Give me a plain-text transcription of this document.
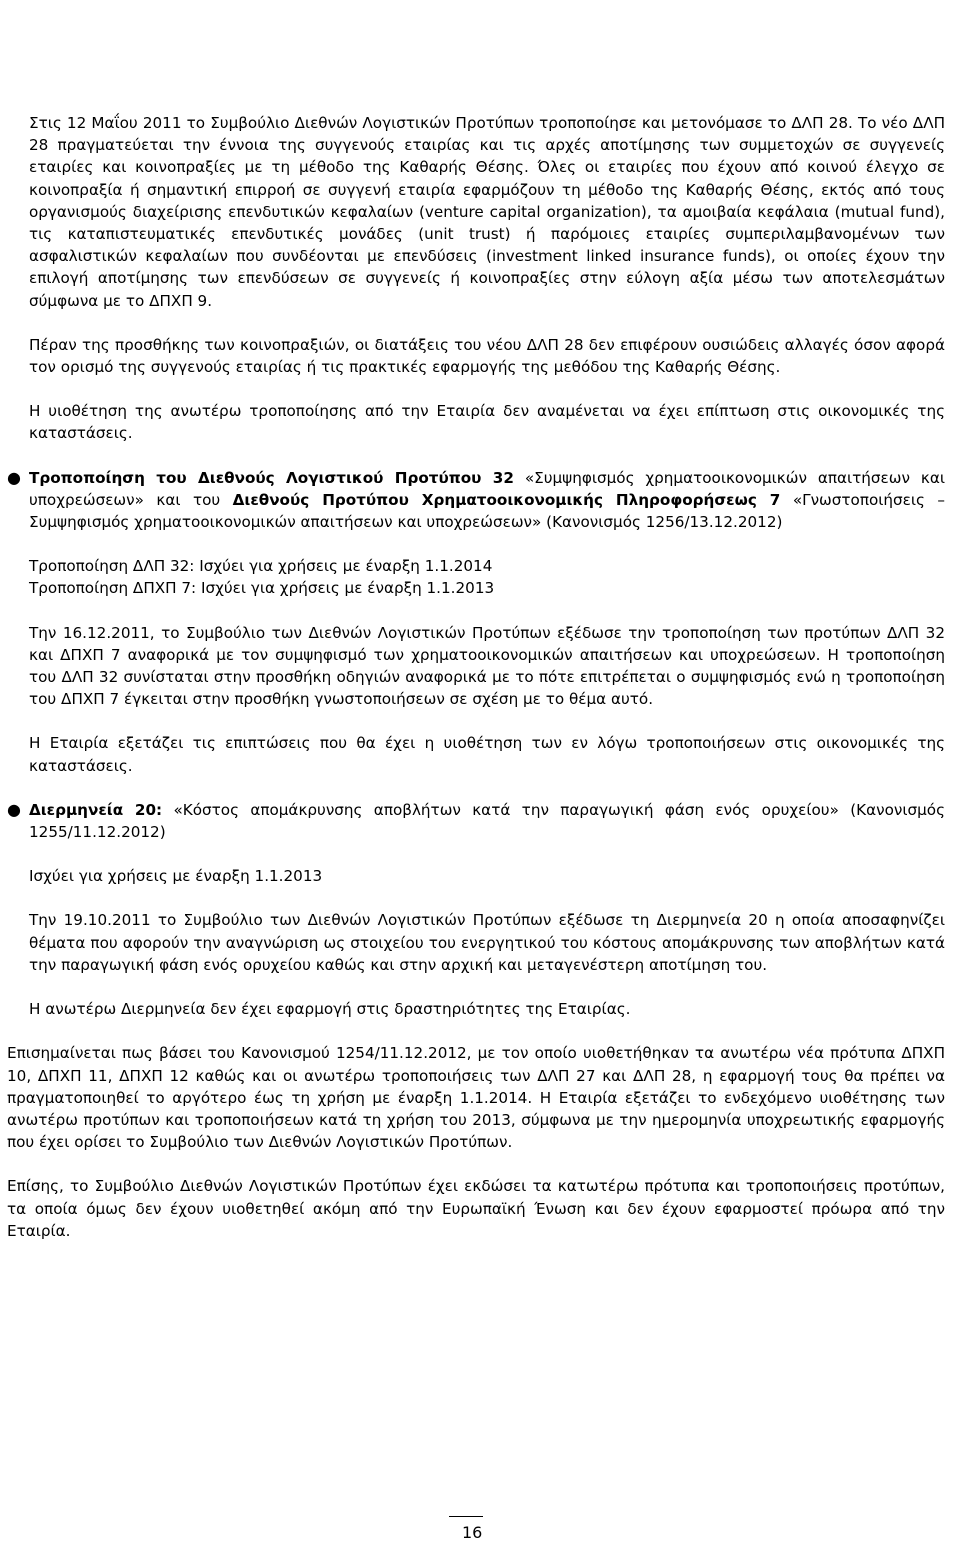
ALPHA LEASING A.E.
ΟΙΚΟΝΟΜΙΚΕΣ ΚΑΤΑΣΤΑΣΕΙΣ
ΤΗΣ $31^{\eta\varsigma}$ ΔΕΚΕΜΒΡΙΟΥ 2012

Στις 12 Μαΐου 2011 το Συμβούλιο Διεθνών Λογιστικών Προτύπων τροποποίησε και μετονόμασε το ΔΛΠ 28. Το νέο ΔΛΠ 28 πραγματεύεται την έννοια της συγγενούς εταιρίας και τις αρχές αποτίμησης των συμμετοχών σε συγγενείς εταιρίες και κοινοπραξίες με τη μέθοδο της Καθαρής Θέσης. Όλες οι εταιρίες που έχουν από κοινού έλεγχο σε κοινοπραξία ή σημαντική επιρροή σε συγγενή εταιρία εφαρμόζουν τη μέθοδο της Καθαρής Θέσης, εκτός από τους οργανισμούς διαχείρισης επενδυτικών κεφαλαίων (venture capital organization), τα αμοιβαία κεφάλαια (mutual fund), τις καταπιστευματικές επενδυτικές μονάδες (unit trust) ή παρόμοιες εταιρίες συμπεριλαμβανομένων των ασφαλιστικών κεφαλαίων που συνδέονται με επενδύσεις (investment linked insurance funds), οι οποίες έχουν την επιλογή αποτίμησης των επενδύσεων σε συγγενείς ή κοινοπραξίες στην εύλογη αξία μέσω των αποτελεσμάτων σύμφωνα με το ΔΠΧΠ 9.

Πέραν της προσθήκης των κοινοπραξιών, οι διατάξεις του νέου ΔΛΠ 28 δεν επιφέρουν ουσιώδεις αλλαγές όσον αφορά τον ορισμό της συγγενούς εταιρίας ή τις πρακτικές εφαρμογής της μεθόδου της Καθαρής Θέσης.

Η υιοθέτηση της ανωτέρω τροποποίησης από την Εταιρία δεν αναμένεται να έχει επίπτωση στις οικονομικές της καταστάσεις.

● Τροποποίηση του Διεθνούς Λογιστικού Προτύπου 32 «Συμψηφισμός χρηματοοικονομικών απαιτήσεων και υποχρεώσεων» και του Διεθνούς Προτύπου Χρηματοοικονομικής Πληροφορήσεως 7 «Γνωστοποιήσεις – Συμψηφισμός χρηματοοικονομικών απαιτήσεων και υποχρεώσεων» (Κανονισμός 1256/13.12.2012)

Τροποποίηση ΔΛΠ 32: Ισχύει για χρήσεις με έναρξη 1.1.2014

Τροποποίηση ΔΠΧΠ 7: Ισχύει για χρήσεις με έναρξη 1.1.2013

Την 16.12.2011, το Συμβούλιο των Διεθνών Λογιστικών Προτύπων εξέδωσε την τροποποίηση των προτύπων ΔΛΠ 32 και ΔΠΧΠ 7 αναφορικά με τον συμψηφισμό των χρηματοοικονομικών απαιτήσεων και υποχρεώσεων. Η τροποποίηση του ΔΛΠ 32 συνίσταται στην προσθήκη οδηγιών αναφορικά με το πότε επιτρέπεται ο συμψηφισμός ενώ η τροποποίηση του ΔΠΧΠ 7 έγκειται στην προσθήκη γνωστοποιήσεων σε σχέση με το θέμα αυτό.

Η Εταιρία εξετάζει τις επιπτώσεις που θα έχει η υιοθέτηση των εν λόγω τροποποιήσεων στις οικονομικές της καταστάσεις.

● Διερμηνεία 20: «Κόστος απομάκρυνσης αποβλήτων κατά την παραγωγική φάση ενός ορυχείου» (Κανονισμός 1255/11.12.2012)

Ισχύει για χρήσεις με έναρξη 1.1.2013

Την 19.10.2011 το Συμβούλιο των Διεθνών Λογιστικών Προτύπων εξέδωσε τη Διερμηνεία 20 η οποία αποσαφηνίζει θέματα που αφορούν την αναγνώριση ως στοιχείου του ενεργητικού του κόστους απομάκρυνσης των αποβλήτων κατά την παραγωγική φάση ενός ορυχείου καθώς και στην αρχική και μεταγενέστερη αποτίμηση του.

Η ανωτέρω Διερμηνεία δεν έχει εφαρμογή στις δραστηριότητες της Εταιρίας.

Επισημαίνεται πως βάσει του Κανονισμού 1254/11.12.2012, με τον οποίο υιοθετήθηκαν τα ανωτέρω νέα πρότυπα ΔΠΧΠ 10, ΔΠΧΠ 11, ΔΠΧΠ 12 καθώς και οι ανωτέρω τροποποιήσεις των ΔΛΠ 27 και ΔΛΠ 28, η εφαρμογή τους θα πρέπει να πραγματοποιηθεί το αργότερο έως τη χρήση με έναρξη 1.1.2014. Η Εταιρία εξετάζει το ενδεχόμενο υιοθέτησης των ανωτέρω προτύπων και τροποποιήσεων κατά τη χρήση του 2013, σύμφωνα με την ημερομηνία υποχρεωτικής εφαρμογής που έχει ορίσει το Συμβούλιο των Διεθνών Λογιστικών Προτύπων.

Επίσης, το Συμβούλιο Διεθνών Λογιστικών Προτύπων έχει εκδώσει τα κατωτέρω πρότυπα και τροποποιήσεις προτύπων, τα οποία όμως δεν έχουν υιοθετηθεί ακόμη από την Ευρωπαϊκή Ένωση και δεν έχουν εφαρμοστεί πρόωρα από την Εταιρία.

16
